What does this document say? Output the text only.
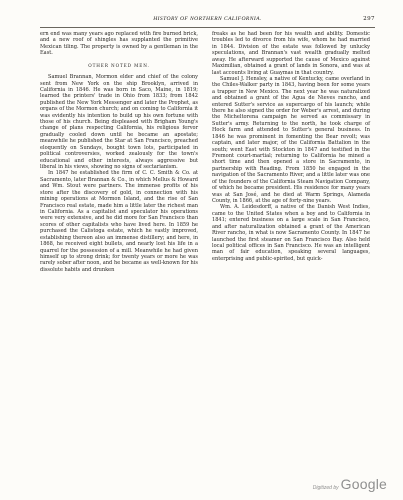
HISTORY OF NORTHERN CALIFORNIA.	297

ern end was many years ago replaced with fire burned brick, and a new roof of shingles has supplanted the primitive Mexican tiling. The property is owned by a gentleman in the East.

OTHER NOTED MEN.

Samuel Brannan, Mormon elder and chief of the colony sent from New York on the ship Brooklyn, arrived in California in 1846. He was born in Saco, Maine, in 1819; learned the printers' trade in Ohio from 1833; from 1842 published the New York Messenger and later the Prophet, as organs of the Mormon church; and on coming to California it was evidently his intention to build up his own fortune with those of his church. Being displeased with Brigham Young's change of plans respecting California, his religious fervor gradually cooled down until he became an apostate; meanwhile he published the Star at San Francisco, preached eloquently on Sundays, bought town lots, participated in political controversies, worked zealously for the town's educational and other interests, always aggressive but liberal in his views, showing no signs of sectarianism.

In 1847 he established the firm of C. C. Smith & Co. at Sacramento, later Brannan & Co., in which Mellus & Howard and Wm. Stout were partners. The immense profits of his store after the discovery of gold, in connection with his mining operations at Mormon Island, and the rise of San Francisco real estate, made him a little later the richest man in California. As a capitalist and speculator his operations were very extensive, and he did more for San Francisco than scores of other capitalists who have lived here. In 1859 he purchased the Calistoga estate, which he vastly improved, establishing thereon also an immense distillery; and here, in 1868, he received eight bullets, and nearly lost his life in a quarrel for the possession of a mill. Meanwhile he had given himself up to strong drink; for twenty years or more he was rarely sober after noon, and he became as well-known for his dissolute habits and drunken

freaks as he had been for his wealth and ability. Domestic troubles led to divorce from his wife, whom he had married in 1844. Division of the estate was followed by unlucky speculations, and Brannan's vast wealth gradually melted away. He afterward supported the cause of Mexico against Maximilian, obtained a grant of lands in Sonora, and was at last accounts living at Guaymas in that country.

Samuel J. Hensley, a native of Kentucky, came overland in the Chiles-Walker party in 1843, having been for some years a trapper in New Mexico. The next year he was naturalized and obtained a grant of the Agua de Nieves rancho, and entered Sutter's service as supercargo of his launch; while there he also signed the order for Weber's arrest, and during the Micheltorena campaign he served as commissary in Sutter's army. Returning to the north, he took charge of Hock farm and attended to Sutter's general business. In 1846 he was prominent in fomenting the Bear revolt; was captain, and later major, of the California Battalion in the south; went East with Stockton in 1847 and testified in the Fremont court-martial; returning to California he mined a short time and then opened a store in Sacramento, in partnership with Reading. From 1850 he engaged in the navigation of the Sacramento River, and a little later was one of the founders of the California Steam Navigation Company, of which he became president. His residence for many years was at San José, and he died at Warm Springs, Alameda County, in 1866, at the age of forty-nine years.

Wm. A. Leidesdorff, a native of the Danish West Indies, came to the United States when a boy and to California in 1841; entered business on a large scale in San Francisco, and after naturalization obtained a grant of the American River rancho, in what is now Sacramento County. In 1847 he launched the first steamer on San Francisco Bay. Also held local political offices in San Francisco. He was an intelligent man of fair education, speaking several languages, enterprising and public-spirited, but quick-

Digitized by Google
